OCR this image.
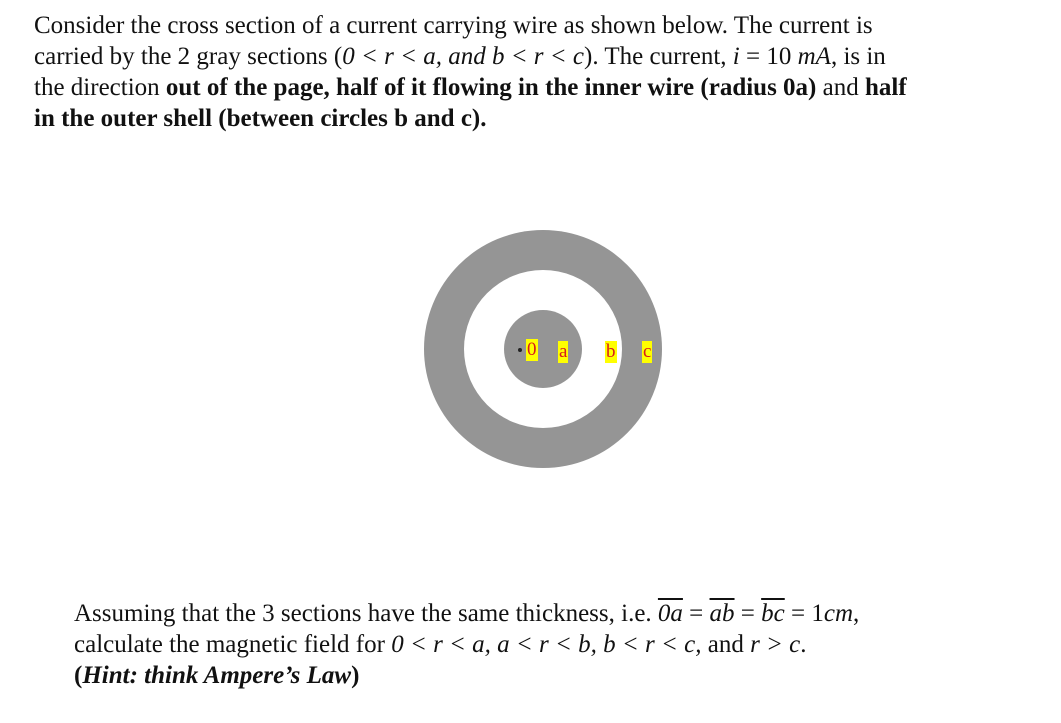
Consider the cross section of a current carrying wire as shown below. The current is
carried by the 2 gray sections (0 < r < a, and b < r < c). The current, i = 10 mA, is in
the direction out of the page, half of it flowing in the inner wire (radius 0a) and half
in the outer shell (between circles b and c).
0 a b c
Assuming that the 3 sections have the same thickness, i.e. $0a = \overline{ab} = \overline{bc} = 1cm$,
calculate the magnetic field for 0 < r < a, a < r < b, b < r < c, and r > c.
(Hint: think Ampere’s Law)
